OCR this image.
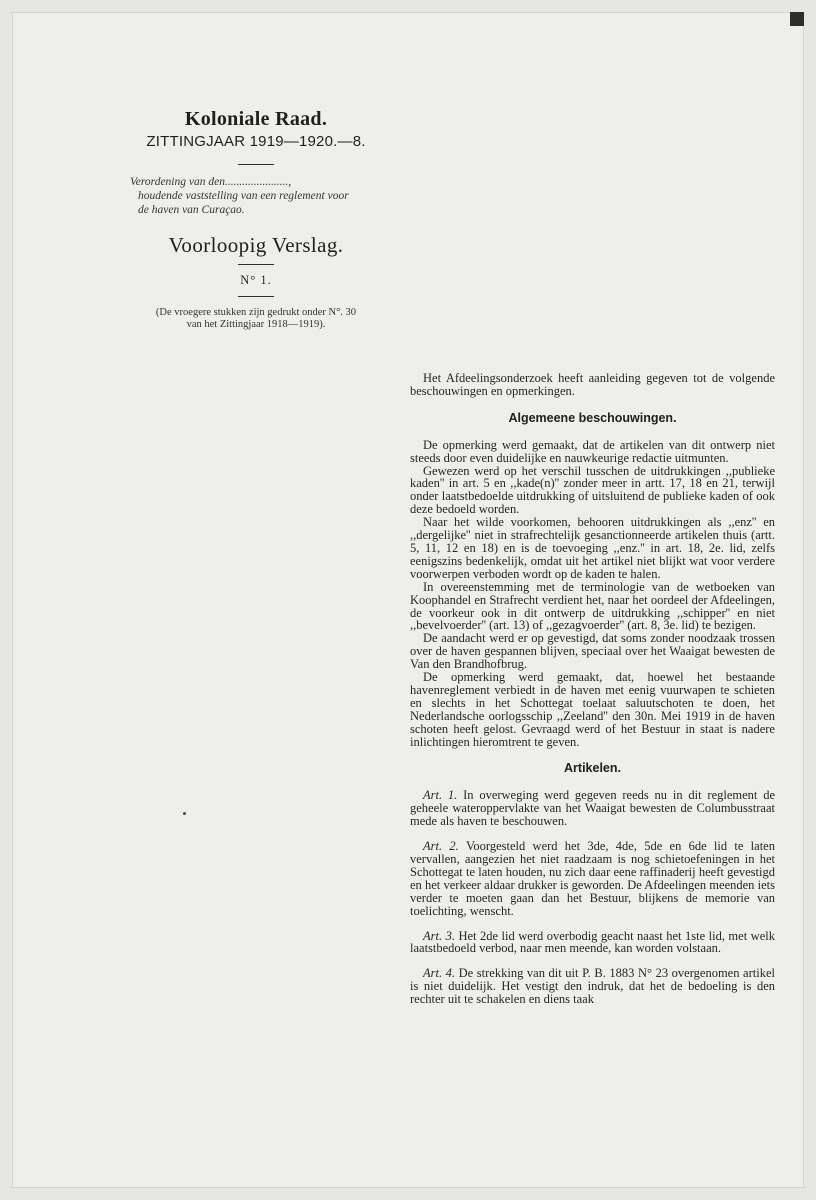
Koloniale Raad.

ZITTINGJAAR 1919—1920.—8.

Verordening van den......................,
houdende vaststelling van een reglement voor
de haven van Curaçao.

Voorloopig Verslag.

N° 1.

(De vroegere stukken zijn gedrukt onder N°. 30
van het Zittingjaar 1918—1919).

Het Afdeelingsonderzoek heeft aanleiding gegeven tot de volgende beschouwingen en opmerkingen.

Algemeene beschouwingen.

De opmerking werd gemaakt, dat de artikelen van dit ontwerp niet steeds door even duidelijke en nauwkeurige redactie uitmunten.

Gewezen werd op het verschil tusschen de uitdrukkingen ,,publieke kaden'' in art. 5 en ,,kade(n)'' zonder meer in artt. 17, 18 en 21, terwijl onder laatstbedoelde uitdrukking of uitsluitend de publieke kaden of ook deze bedoeld worden.

Naar het wilde voorkomen, behooren uitdrukkingen als ,,enz'' en ,,dergelijke'' niet in strafrechtelijk gesanctionneerde artikelen thuis (artt. 5, 11, 12 en 18) en is de toevoeging ,,enz.'' in art. 18, 2e. lid, zelfs eenigszins bedenkelijk, omdat uit het artikel niet blijkt wat voor verdere voorwerpen verboden wordt op de kaden te halen.

In overeenstemming met de terminologie van de wetboeken van Koophandel en Strafrecht verdient het, naar het oordeel der Afdeelingen, de voorkeur ook in dit ontwerp de uitdrukking ,,schipper'' en niet ,,bevelvoerder'' (art. 13) of ,,gezagvoerder'' (art. 8, 3e. lid) te bezigen.

De aandacht werd er op gevestigd, dat soms zonder noodzaak trossen over de haven gespannen blijven, speciaal over het Waaigat bewesten de Van den Brandhofbrug.

De opmerking werd gemaakt, dat, hoewel het bestaande havenreglement verbiedt in de haven met eenig vuurwapen te schieten en slechts in het Schottegat toelaat saluutschoten te doen, het Nederlandsche oorlogsschip ,,Zeeland'' den 30n. Mei 1919 in de haven schoten heeft gelost. Gevraagd werd of het Bestuur in staat is nadere inlichtingen hieromtrent te geven.

Artikelen.

Art. 1. In overweging werd gegeven reeds nu in dit reglement de geheele wateroppervlakte van het Waaigat bewesten de Columbusstraat mede als haven te beschouwen.

Art. 2. Voorgesteld werd het 3de, 4de, 5de en 6de lid te laten vervallen, aangezien het niet raadzaam is nog schietoefeningen in het Schottegat te laten houden, nu zich daar eene raffinaderij heeft gevestigd en het verkeer aldaar drukker is geworden. De Afdeelingen meenden iets verder te moeten gaan dan het Bestuur, blijkens de memorie van toelichting, wenscht.

Art. 3. Het 2de lid werd overbodig geacht naast het 1ste lid, met welk laatstbedoeld verbod, naar men meende, kan worden volstaan.

Art. 4. De strekking van dit uit P. B. 1883 N° 23 overgenomen artikel is niet duidelijk. Het vestigt den indruk, dat het de bedoeling is den rechter uit te schakelen en diens taak
